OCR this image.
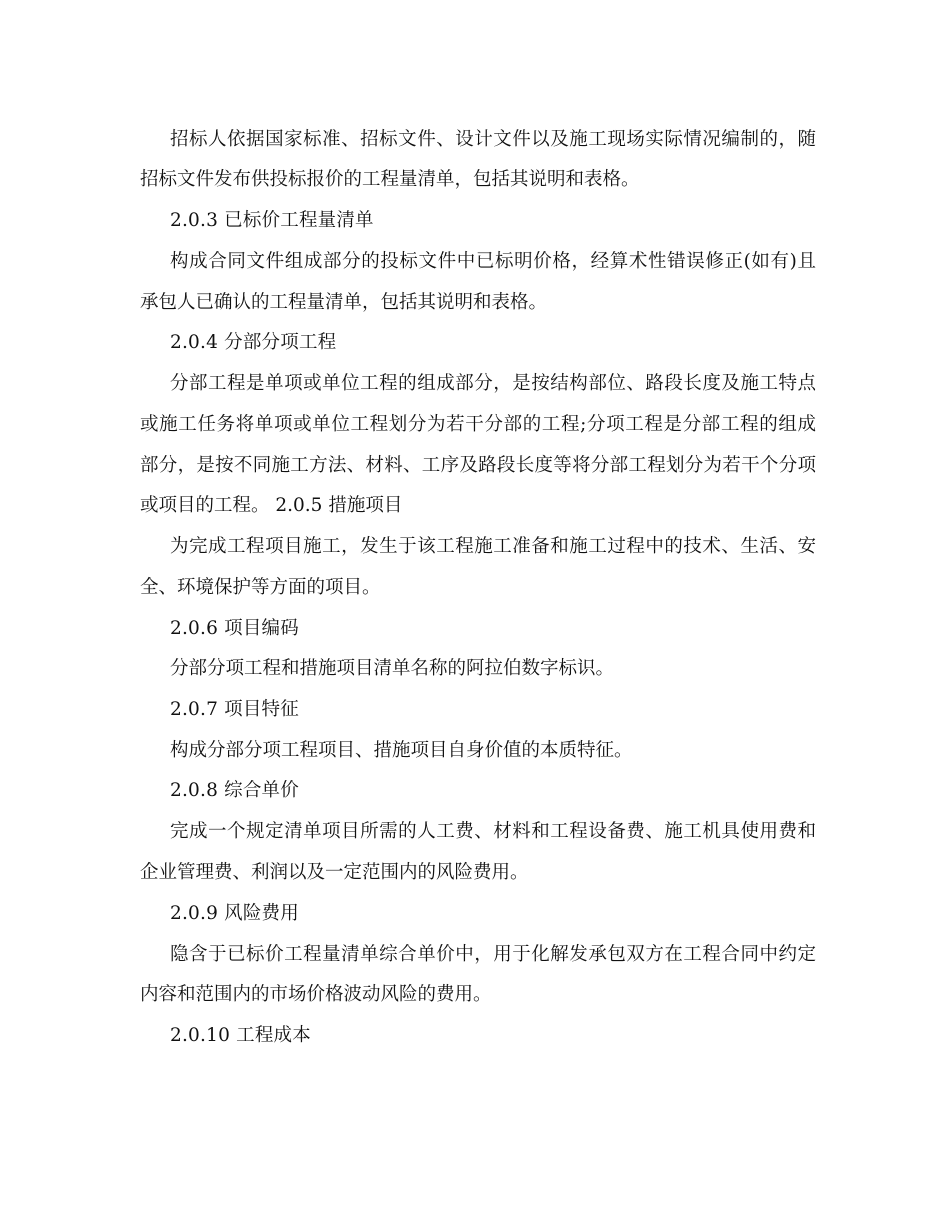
招标人依据国家标准、招标文件、设计文件以及施工现场实际情况编制的，随
招标文件发布供投标报价的工程量清单，包括其说明和表格。
2.0.3 已标价工程量清单
构成合同文件组成部分的投标文件中已标明价格，经算术性错误修正(如有)且
承包人已确认的工程量清单，包括其说明和表格。
2.0.4 分部分项工程
分部工程是单项或单位工程的组成部分，是按结构部位、路段长度及施工特点
或施工任务将单项或单位工程划分为若干分部的工程;分项工程是分部工程的组成
部分，是按不同施工方法、材料、工序及路段长度等将分部工程划分为若干个分项
或项目的工程。 2.0.5 措施项目
为完成工程项目施工，发生于该工程施工准备和施工过程中的技术、生活、安
全、环境保护等方面的项目。
2.0.6 项目编码
分部分项工程和措施项目清单名称的阿拉伯数字标识。
2.0.7 项目特征
构成分部分项工程项目、措施项目自身价值的本质特征。
2.0.8 综合单价
完成一个规定清单项目所需的人工费、材料和工程设备费、施工机具使用费和
企业管理费、利润以及一定范围内的风险费用。
2.0.9 风险费用
隐含于已标价工程量清单综合单价中，用于化解发承包双方在工程合同中约定
内容和范围内的市场价格波动风险的费用。
2.0.10 工程成本
